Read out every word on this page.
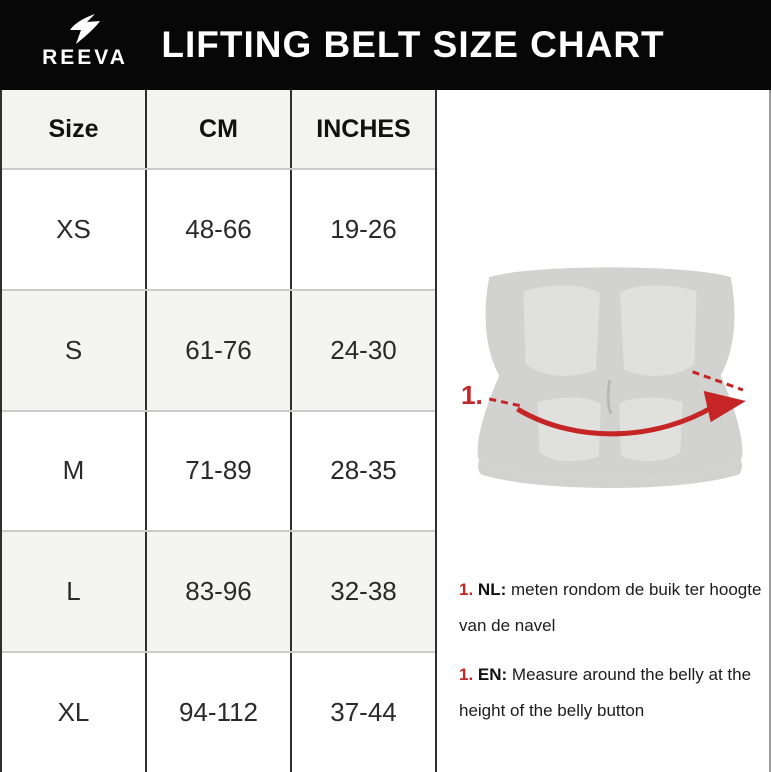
REEVA LIFTING BELT SIZE CHART
Size	CM	INCHES
XS	48-66	19-26
S	61-76	24-30
M	71-89	28-35
L	83-96	32-38
XL	94-112	37-44
1.

1. NL: meten rondom de buik ter hoogte van de navel

1. EN: Measure around the belly at the height of the belly button
